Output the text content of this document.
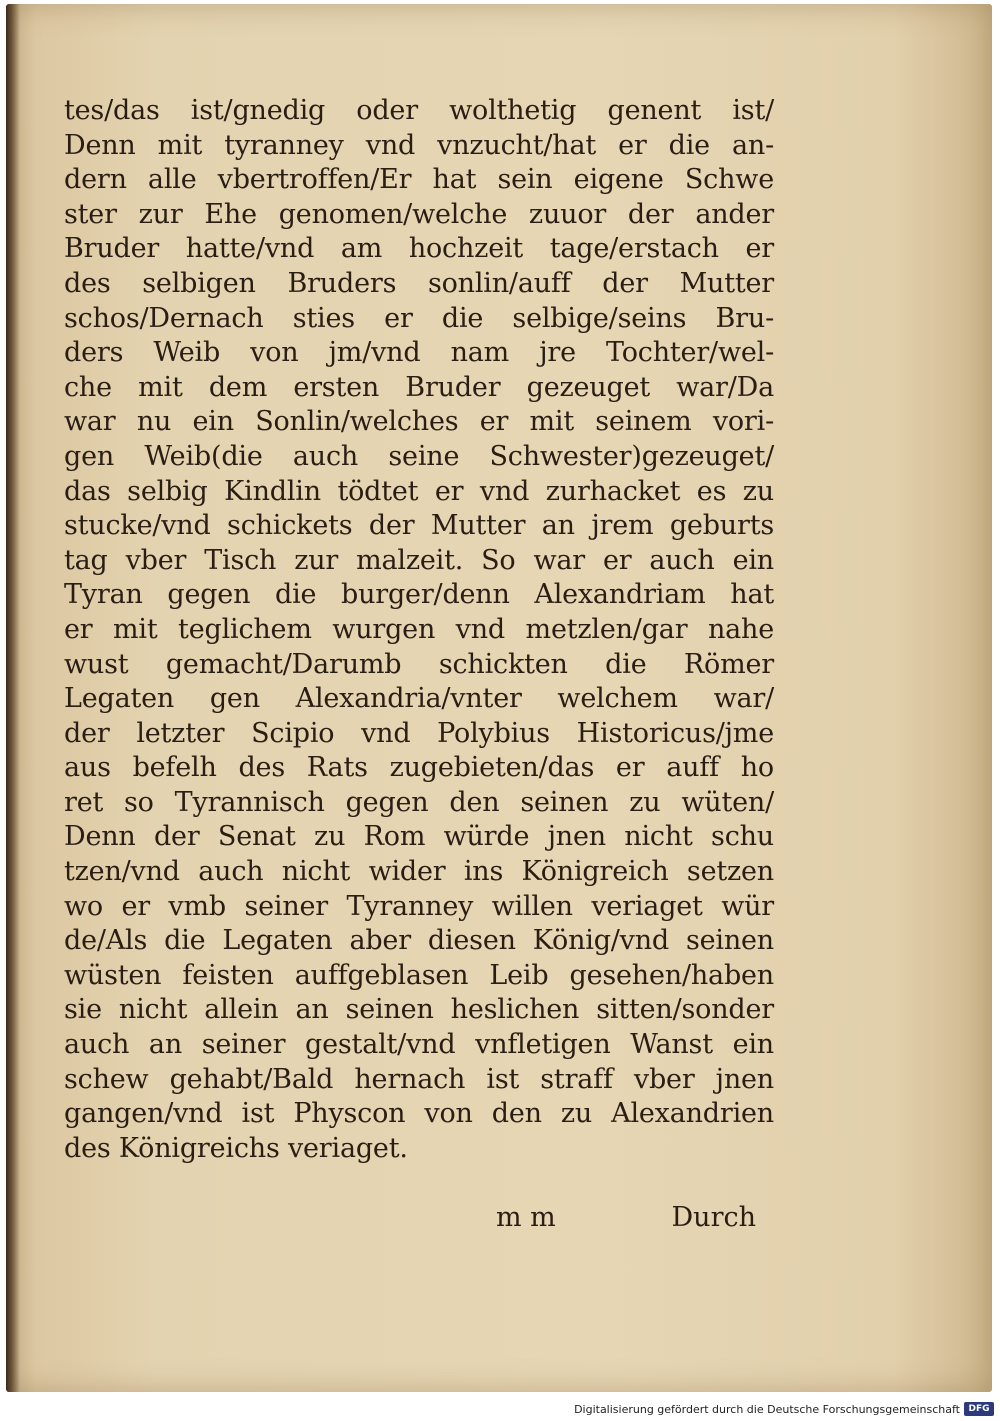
tes/das ist/gnedig oder wolthetig genent ist/
Denn mit tyranney vnd vnzucht/hat er die an-
dern alle vbertroffen/Er hat sein eigene Schwe
ster zur Ehe genomen/welche zuuor der ander
Bruder hatte/vnd am hochzeit tage/erstach er
des selbigen Bruders sonlin/auff der Mutter
schos/Dernach sties er die selbige/seins Bru-
ders Weib von jm/vnd nam jre Tochter/wel-
che mit dem ersten Bruder gezeuget war/Da
war nu ein Sonlin/welches er mit seinem vori-
gen Weib(die auch seine Schwester)gezeuget/
das selbig Kindlin tödtet er vnd zurhacket es zu
stucke/vnd schickets der Mutter an jrem geburts
tag vber Tisch zur malzeit. So war er auch ein
Tyran gegen die burger/denn Alexandriam hat
er mit teglichem wurgen vnd metzlen/gar nahe
wust gemacht/Darumb schickten die Römer
Legaten gen Alexandria/vnter welchem war/
der letzter Scipio vnd Polybius Historicus/jme
aus befelh des Rats zugebieten/das er auff ho
ret so Tyrannisch gegen den seinen zu wüten/
Denn der Senat zu Rom würde jnen nicht schu
tzen/vnd auch nicht wider ins Königreich setzen
wo er vmb seiner Tyranney willen veriaget wür
de/Als die Legaten aber diesen König/vnd seinen
wüsten feisten auffgeblasen Leib gesehen/haben
sie nicht allein an seinen heslichen sitten/sonder
auch an seiner gestalt/vnd vnfletigen Wanst ein
schew gehabt/Bald hernach ist straff vber jnen
gangen/vnd ist Physcon von den zu Alexandrien
des Königreichs veriaget.
m m	Durch
Digitalisierung gefördert durch die Deutsche Forschungsgemeinschaft DFG
